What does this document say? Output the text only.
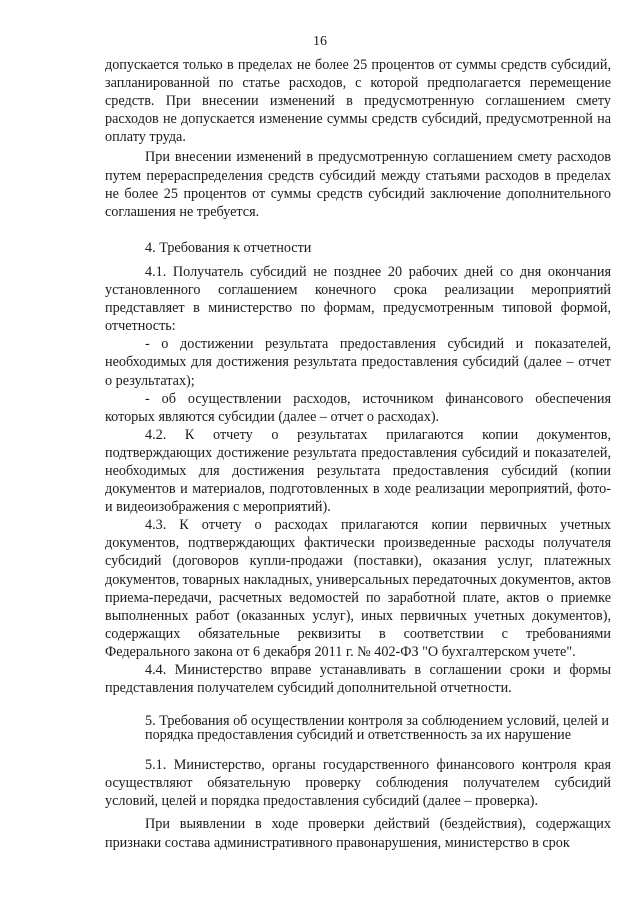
16

допускается только в пределах не более 25 процентов от суммы средств субсидий, запланированной по статье расходов, с которой предполагается перемещение средств. При внесении изменений в предусмотренную соглашением смету расходов не допускается изменение суммы средств субсидий, предусмотренной на оплату труда.

При внесении изменений в предусмотренную соглашением смету расходов путем перераспределения средств субсидий между статьями расходов в пределах не более 25 процентов от суммы средств субсидий заключение дополнительного соглашения не требуется.

4. Требования к отчетности

4.1. Получатель субсидий не позднее 20 рабочих дней со дня окончания установленного соглашением конечного срока реализации мероприятий представляет в министерство по формам, предусмотренным типовой формой, отчетность:

- о достижении результата предоставления субсидий и показателей, необходимых для достижения результата предоставления субсидий (далее – отчет о результатах);

- об осуществлении расходов, источником финансового обеспечения которых являются субсидии (далее – отчет о расходах).

4.2. К отчету о результатах прилагаются копии документов, подтверждающих достижение результата предоставления субсидий и показателей, необходимых для достижения результата предоставления субсидий (копии документов и материалов, подготовленных в ходе реализации мероприятий, фото- и видеоизображения с мероприятий).

4.3. К отчету о расходах прилагаются копии первичных учетных документов, подтверждающих фактически произведенные расходы получателя субсидий (договоров купли-продажи (поставки), оказания услуг, платежных документов, товарных накладных, универсальных передаточных документов, актов приема-передачи, расчетных ведомостей по заработной плате, актов о приемке выполненных работ (оказанных услуг), иных первичных учетных документов), содержащих обязательные реквизиты в соответствии с требованиями Федерального закона от 6 декабря 2011 г. № 402-ФЗ "О бухгалтерском учете".

4.4. Министерство вправе устанавливать в соглашении сроки и формы представления получателем субсидий дополнительной отчетности.

5. Требования об осуществлении контроля за соблюдением условий, целей и порядка предоставления субсидий и ответственность за их нарушение

5.1. Министерство, органы государственного финансового контроля края осуществляют обязательную проверку соблюдения получателем субсидий условий, целей и порядка предоставления субсидий (далее – проверка).

При выявлении в ходе проверки действий (бездействия), содержащих признаки состава административного правонарушения, министерство в срок
